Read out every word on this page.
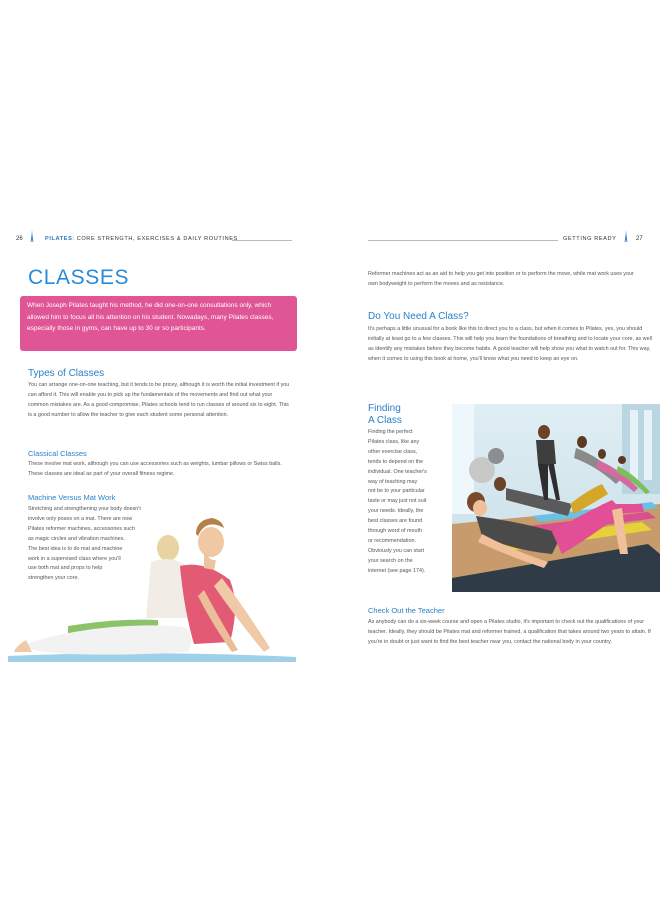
26	PILATES: CORE STRENGTH, EXERCISES & DAILY ROUTINES	GETTING READY	27
CLASSES
When Joseph Pilates taught his method, he did one-on-one consultations only, which allowed him to focus all his attention on his student. Nowadays, many Pilates classes, especially those in gyms, can have up to 30 or so participants.
Types of Classes

You can arrange one-on-one teaching, but it tends to be pricey, although it is worth the initial investment if you can afford it. This will enable you to pick up the fundamentals of the movements and find out what your common mistakes are. As a good compromise, Pilates schools tend to run classes of around six to eight. This is a good number to allow the teacher to give each student some personal attention.

Classical Classes

These involve mat work, although you can use accessories such as weights, lumbar pillows or Swiss balls. These classes are ideal as part of your overall fitness regime.

Machine Versus Mat Work

Stretching and strengthening your body doesn't

involve only poses on a mat. There are now

Pilates reformer machines, accessories such

as magic circles and vibration machines.

The best idea is to do mat and machine

work in a supervised class where you'll

use both mat and props to help

strengthen your core.

Reformer machines act as an aid to help you get into position or to perform the move, while mat work uses your own bodyweight to perform the moves and as resistance.

Do You Need A Class?

It's perhaps a little unusual for a book like this to direct you to a class, but when it comes to Pilates, yes, you should initially at least go to a few classes. This will help you learn the foundations of breathing and to locate your core, as well as identify any mistakes before they become habits. A good teacher will help show you what to watch out for. This way, when it comes to using this book at home, you'll know what you need to keep an eye on.

Finding
A Class

Finding the perfect

Pilates class, like any

other exercise class,

tends to depend on the

individual. One teacher's

way of teaching may

not be to your particular

taste or may just not suit

your needs. Ideally, the

best classes are found

through word of mouth

or recommendation.

Obviously you can start

your search on the

internet (see page 174).

Check Out the Teacher

As anybody can do a six-week course and open a Pilates studio, it's important to check out the qualifications of your teacher. Ideally, they should be Pilates mat and reformer trained, a qualification that takes around two years to attain. If you're in doubt or just want to find the best teacher near you, contact the national body in your country.
